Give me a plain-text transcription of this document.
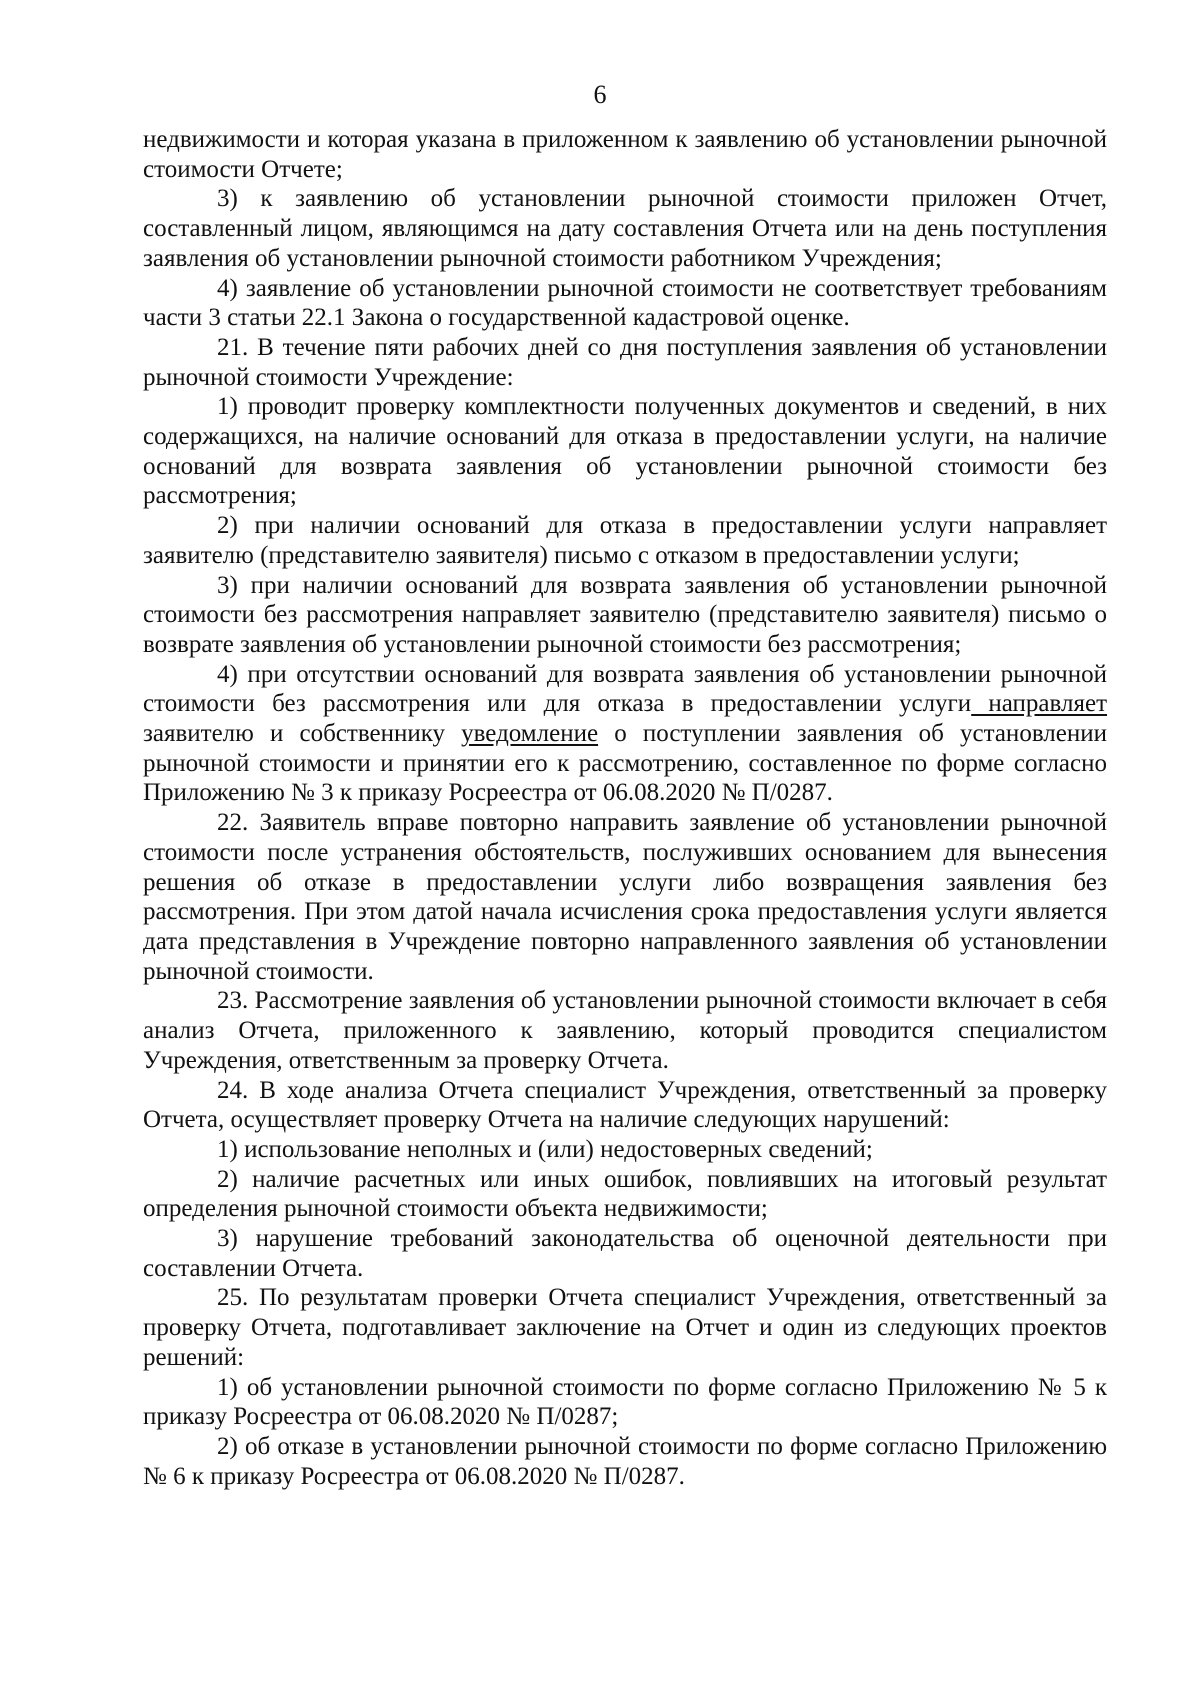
6

недвижимости и которая указана в приложенном к заявлению об установлении рыночной стоимости Отчете;

3) к заявлению об установлении рыночной стоимости приложен Отчет, составленный лицом, являющимся на дату составления Отчета или на день поступления заявления об установлении рыночной стоимости работником Учреждения;

4) заявление об установлении рыночной стоимости не соответствует требованиям части 3 статьи 22.1 Закона о государственной кадастровой оценке.

21. В течение пяти рабочих дней со дня поступления заявления об установлении рыночной стоимости Учреждение:

1) проводит проверку комплектности полученных документов и сведений, в них содержащихся, на наличие оснований для отказа в предоставлении услуги, на наличие оснований для возврата заявления об установлении рыночной стоимости без рассмотрения;

2) при наличии оснований для отказа в предоставлении услуги направляет заявителю (представителю заявителя) письмо с отказом в предоставлении услуги;

3) при наличии оснований для возврата заявления об установлении рыночной стоимости без рассмотрения направляет заявителю (представителю заявителя) письмо о возврате заявления об установлении рыночной стоимости без рассмотрения;

4) при отсутствии оснований для возврата заявления об установлении рыночной стоимости без рассмотрения или для отказа в предоставлении услуги направляет заявителю и собственнику уведомление о поступлении заявления об установлении рыночной стоимости и принятии его к рассмотрению, составленное по форме согласно Приложению № 3 к приказу Росреестра от 06.08.2020 № П/0287.

22. Заявитель вправе повторно направить заявление об установлении рыночной стоимости после устранения обстоятельств, послуживших основанием для вынесения решения об отказе в предоставлении услуги либо возвращения заявления без рассмотрения. При этом датой начала исчисления срока предоставления услуги является дата представления в Учреждение повторно направленного заявления об установлении рыночной стоимости.

23. Рассмотрение заявления об установлении рыночной стоимости включает в себя анализ Отчета, приложенного к заявлению, который проводится специалистом Учреждения, ответственным за проверку Отчета.

24. В ходе анализа Отчета специалист Учреждения, ответственный за проверку Отчета, осуществляет проверку Отчета на наличие следующих нарушений:

1) использование неполных и (или) недостоверных сведений;

2) наличие расчетных или иных ошибок, повлиявших на итоговый результат определения рыночной стоимости объекта недвижимости;

3) нарушение требований законодательства об оценочной деятельности при составлении Отчета.

25. По результатам проверки Отчета специалист Учреждения, ответственный за проверку Отчета, подготавливает заключение на Отчет и один из следующих проектов решений:

1) об установлении рыночной стоимости по форме согласно Приложению № 5 к приказу Росреестра от 06.08.2020 № П/0287;

2) об отказе в установлении рыночной стоимости по форме согласно Приложению № 6 к приказу Росреестра от 06.08.2020 № П/0287.
